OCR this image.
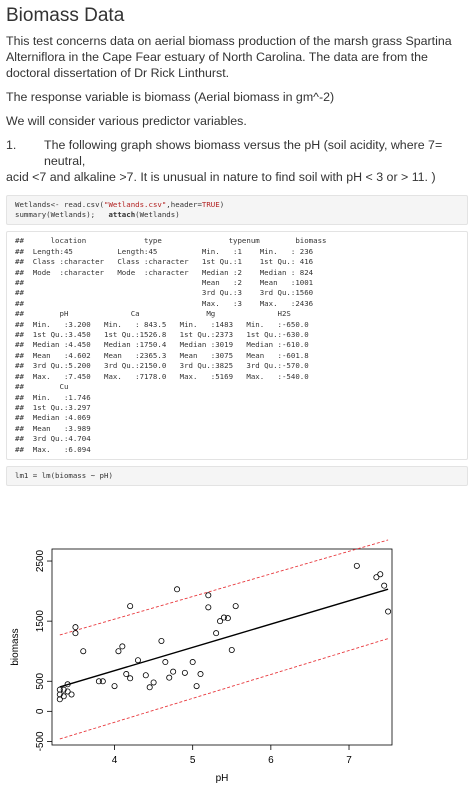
Biomass Data

This test concerns data on aerial biomass production of the marsh grass Spartina Alterniflora in the Cape Fear estuary of North Carolina. The data are from the doctoral dissertation of Dr Rick Linthurst.

The response variable is biomass (Aerial biomass in gm^-2)

We will consider various predictor variables.

1.	The following graph shows biomass versus the pH (soil acidity, where 7= neutral,
acid <7 and alkaline >7. It is unusual in nature to find soil with pH < 3 or > 11. )
Wetlands<- read.csv("Wetlands.csv",header=TRUE)
summary(Wetlands);   attach(Wetlands)
##      location             type               typenum        biomass
##  Length:45          Length:45          Min.   :1    Min.   : 236
##  Class :character   Class :character   1st Qu.:1    1st Qu.: 416
##  Mode  :character   Mode  :character   Median :2    Median : 824
##                                        Mean   :2    Mean   :1001
##                                        3rd Qu.:3    3rd Qu.:1560
##                                        Max.   :3    Max.   :2436
##        pH              Ca               Mg              H2S
##  Min.   :3.200   Min.   : 843.5   Min.   :1483   Min.   :-650.0
##  1st Qu.:3.450   1st Qu.:1526.8   1st Qu.:2373   1st Qu.:-630.0
##  Median :4.450   Median :1750.4   Median :3019   Median :-610.0
##  Mean   :4.602   Mean   :2365.3   Mean   :3075   Mean   :-601.8
##  3rd Qu.:5.200   3rd Qu.:2150.0   3rd Qu.:3825   3rd Qu.:-570.0
##  Max.   :7.450   Max.   :7178.0   Max.   :5169   Max.   :-540.0
##        Cu
##  Min.   :1.746
##  1st Qu.:3.297
##  Median :4.069
##  Mean   :3.989
##  3rd Qu.:4.704
##  Max.   :6.094
lm1 = lm(biomass ~ pH)
4	5	6	7
-500
0
500
1500
2500
pH
biomass
